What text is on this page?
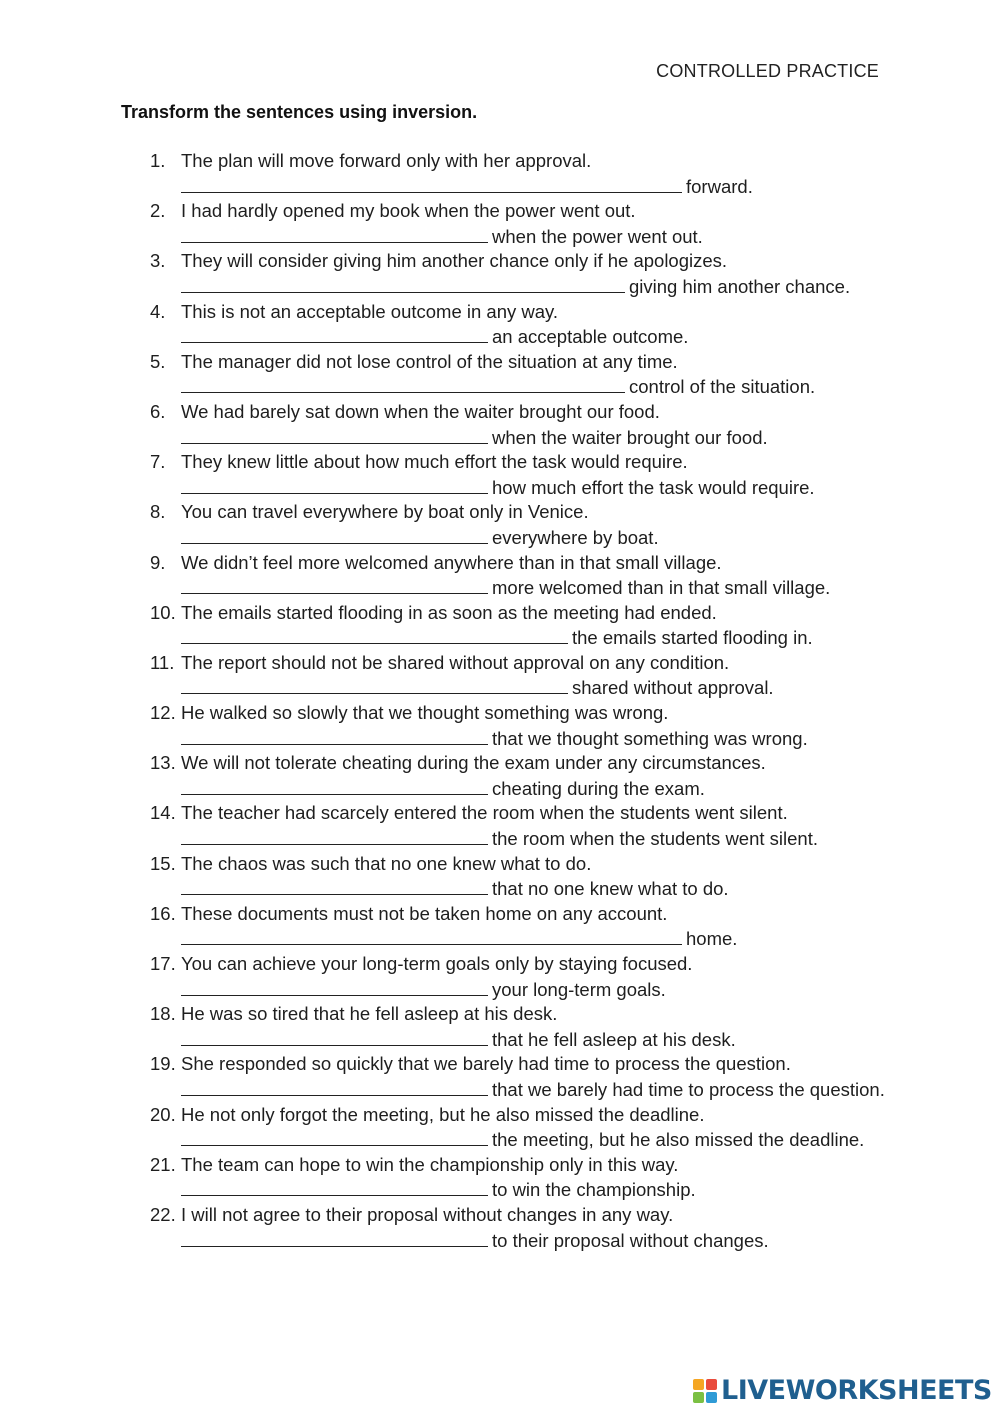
CONTROLLED PRACTICE
Transform the sentences using inversion.
1. The plan will move forward only with her approval.
forward.
2. I had hardly opened my book when the power went out.
when the power went out.
3. They will consider giving him another chance only if he apologizes.
giving him another chance.
4. This is not an acceptable outcome in any way.
an acceptable outcome.
5. The manager did not lose control of the situation at any time.
control of the situation.
6. We had barely sat down when the waiter brought our food.
when the waiter brought our food.
7. They knew little about how much effort the task would require.
how much effort the task would require.
8. You can travel everywhere by boat only in Venice.
everywhere by boat.
9. We didn’t feel more welcomed anywhere than in that small village.
more welcomed than in that small village.
10. The emails started flooding in as soon as the meeting had ended.
the emails started flooding in.
11. The report should not be shared without approval on any condition.
shared without approval.
12. He walked so slowly that we thought something was wrong.
that we thought something was wrong.
13. We will not tolerate cheating during the exam under any circumstances.
cheating during the exam.
14. The teacher had scarcely entered the room when the students went silent.
the room when the students went silent.
15. The chaos was such that no one knew what to do.
that no one knew what to do.
16. These documents must not be taken home on any account.
home.
17. You can achieve your long-term goals only by staying focused.
your long-term goals.
18. He was so tired that he fell asleep at his desk.
that he fell asleep at his desk.
19. She responded so quickly that we barely had time to process the question.
that we barely had time to process the question.
20. He not only forgot the meeting, but he also missed the deadline.
the meeting, but he also missed the deadline.
21. The team can hope to win the championship only in this way.
to win the championship.
22. I will not agree to their proposal without changes in any way.
to their proposal without changes.
LIVEWORKSHEETS
